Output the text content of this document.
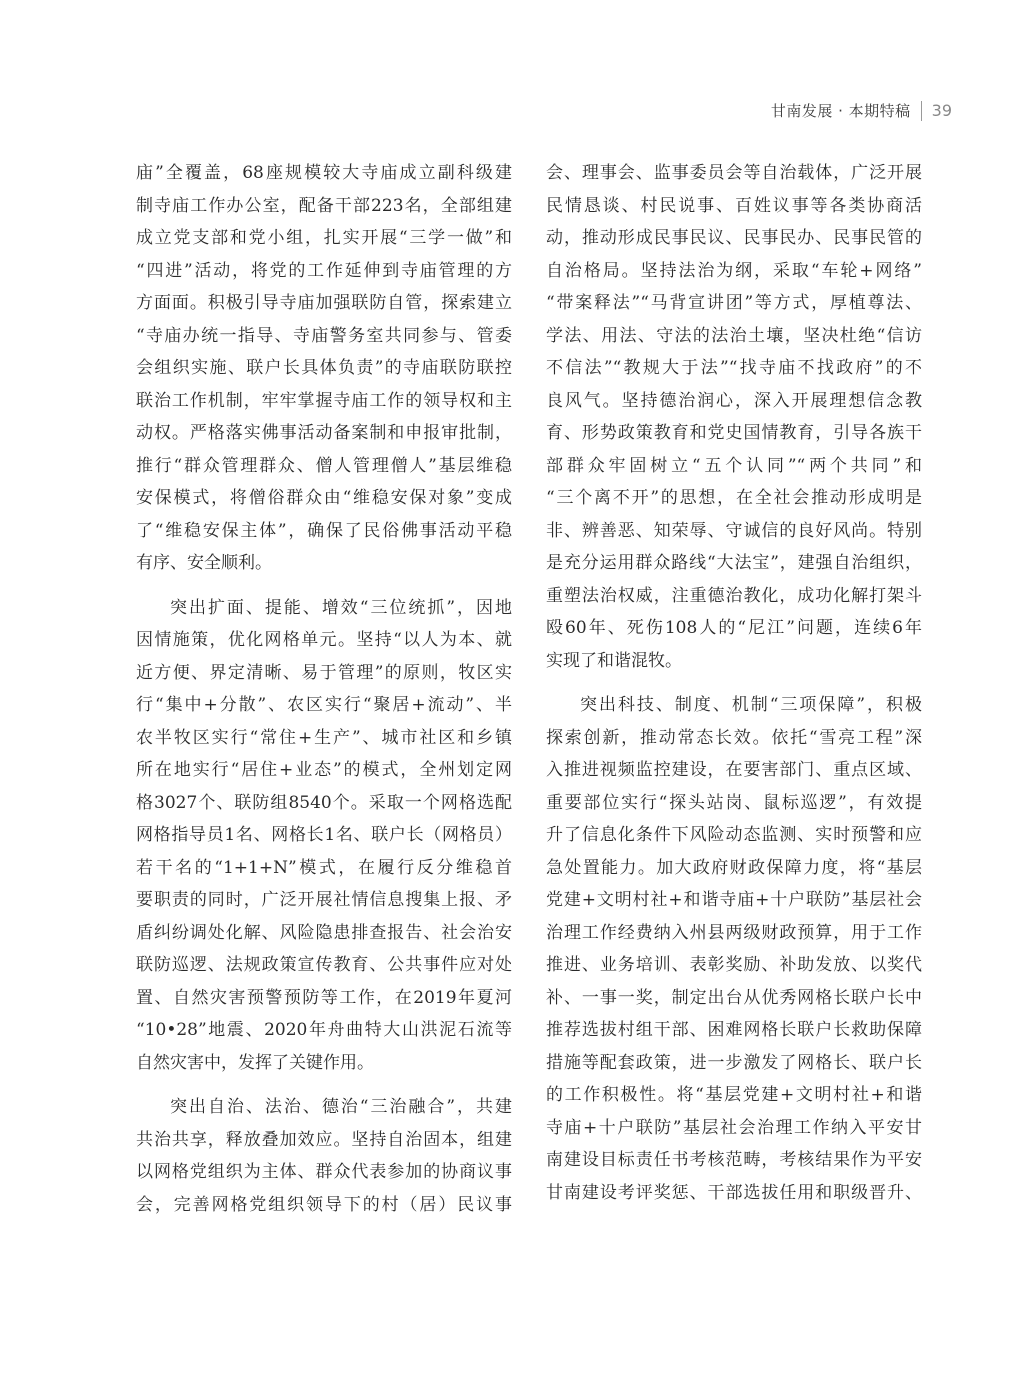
甘南发展 · 本期特稿 39
庙”全覆盖，68座规模较大寺庙成立副科级建
制寺庙工作办公室，配备干部223名，全部组建
成立党支部和党小组，扎实开展“三学一做”和
“四进”活动，将党的工作延伸到寺庙管理的方
方面面。积极引导寺庙加强联防自管，探索建立
“寺庙办统一指导、寺庙警务室共同参与、管委
会组织实施、联户长具体负责”的寺庙联防联控
联治工作机制，牢牢掌握寺庙工作的领导权和主
动权。严格落实佛事活动备案制和申报审批制，
推行“群众管理群众、僧人管理僧人”基层维稳
安保模式，将僧俗群众由“维稳安保对象”变成
了“维稳安保主体”，确保了民俗佛事活动平稳
有序、安全顺利。
突出扩面、提能、增效“三位统抓”，因地
因情施策，优化网格单元。坚持“以人为本、就
近方便、界定清晰、易于管理”的原则，牧区实
行“集中+分散”、农区实行“聚居+流动”、半
农半牧区实行“常住+生产”、城市社区和乡镇
所在地实行“居住+业态”的模式，全州划定网
格3027个、联防组8540个。采取一个网格选配
网格指导员1名、网格长1名、联户长（网格员）
若干名的“1+1+N”模式，在履行反分维稳首
要职责的同时，广泛开展社情信息搜集上报、矛
盾纠纷调处化解、风险隐患排查报告、社会治安
联防巡逻、法规政策宣传教育、公共事件应对处
置、自然灾害预警预防等工作，在2019年夏河
“10•28”地震、2020年舟曲特大山洪泥石流等
自然灾害中，发挥了关键作用。
突出自治、法治、德治“三治融合”，共建
共治共享，释放叠加效应。坚持自治固本，组建
以网格党组织为主体、群众代表参加的协商议事
会，完善网格党组织领导下的村（居）民议事
会、理事会、监事委员会等自治载体，广泛开展
民情恳谈、村民说事、百姓议事等各类协商活
动，推动形成民事民议、民事民办、民事民管的
自治格局。坚持法治为纲，采取“车轮+网络”
“带案释法”“马背宣讲团”等方式，厚植尊法、
学法、用法、守法的法治土壤，坚决杜绝“信访
不信法”“教规大于法”“找寺庙不找政府”的不
良风气。坚持德治润心，深入开展理想信念教
育、形势政策教育和党史国情教育，引导各族干
部群众牢固树立“五个认同”“两个共同”和
“三个离不开”的思想，在全社会推动形成明是
非、辨善恶、知荣辱、守诚信的良好风尚。特别
是充分运用群众路线“大法宝”，建强自治组织，
重塑法治权威，注重德治教化，成功化解打架斗
殴60年、死伤108人的“尼江”问题，连续6年
实现了和谐混牧。
突出科技、制度、机制“三项保障”，积极
探索创新，推动常态长效。依托“雪亮工程”深
入推进视频监控建设，在要害部门、重点区域、
重要部位实行“探头站岗、鼠标巡逻”，有效提
升了信息化条件下风险动态监测、实时预警和应
急处置能力。加大政府财政保障力度，将“基层
党建+文明村社+和谐寺庙+十户联防”基层社会
治理工作经费纳入州县两级财政预算，用于工作
推进、业务培训、表彰奖励、补助发放、以奖代
补、一事一奖，制定出台从优秀网格长联户长中
推荐选拔村组干部、困难网格长联户长救助保障
措施等配套政策，进一步激发了网格长、联户长
的工作积极性。将“基层党建+文明村社+和谐
寺庙+十户联防”基层社会治理工作纳入平安甘
南建设目标责任书考核范畴，考核结果作为平安
甘南建设考评奖惩、干部选拔任用和职级晋升、
